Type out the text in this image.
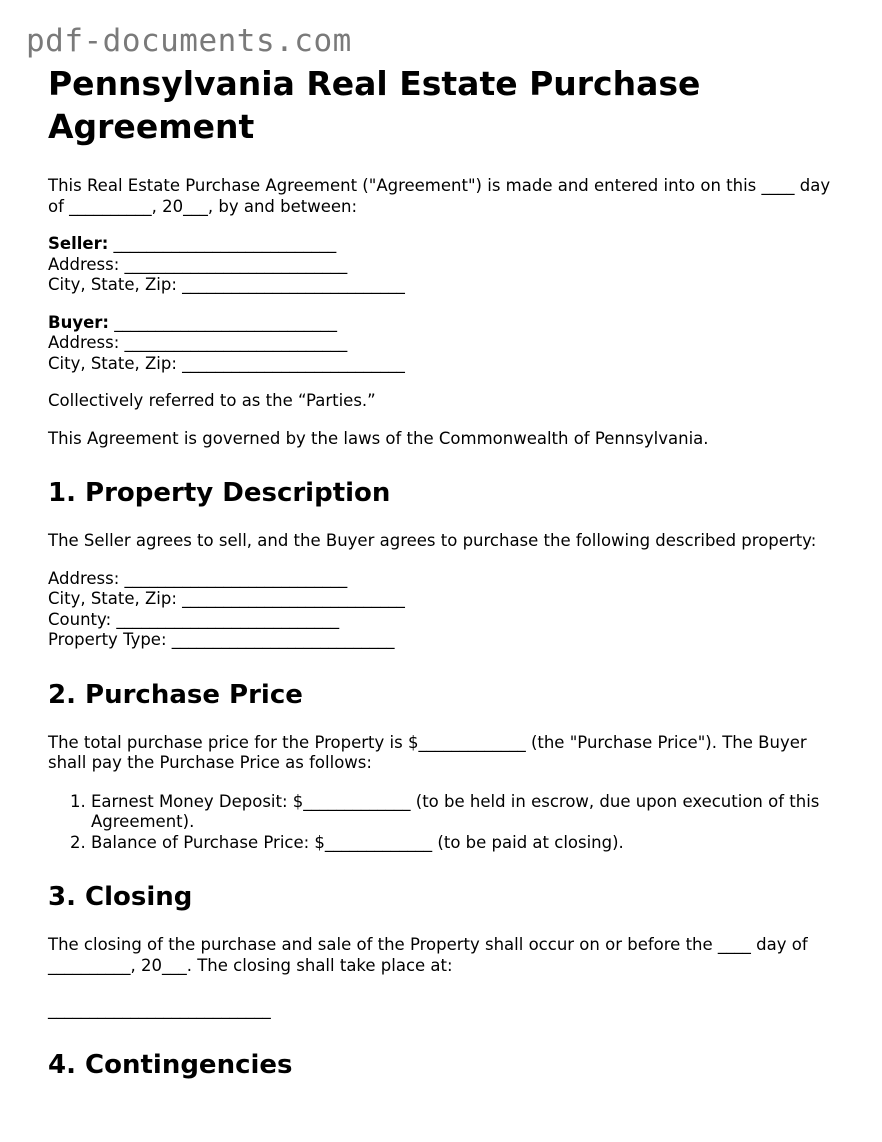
pdf-documents.com
Pennsylvania Real Estate Purchase Agreement

This Real Estate Purchase Agreement ("Agreement") is made and entered into on this ____ day of __________, 20___, by and between:

Seller: ___________________________
Address: ___________________________
City, State, Zip: ___________________________
Buyer: ___________________________
Address: ___________________________
City, State, Zip: ___________________________

Collectively referred to as the “Parties.”

This Agreement is governed by the laws of the Commonwealth of Pennsylvania.

1. Property Description

The Seller agrees to sell, and the Buyer agrees to purchase the following described property:

Address: ___________________________
City, State, Zip: ___________________________
County: ___________________________
Property Type: ___________________________
2. Purchase Price

The total purchase price for the Property is $_____________ (the "Purchase Price"). The Buyer shall pay the Purchase Price as follows:

1. Earnest Money Deposit: $_____________ (to be held in escrow, due upon execution of this Agreement).
2. Balance of Purchase Price: $_____________ (to be paid at closing).
3. Closing

The closing of the purchase and sale of the Property shall occur on or before the ____ day of __________, 20___. The closing shall take place at:

___________________________
4. Contingencies
